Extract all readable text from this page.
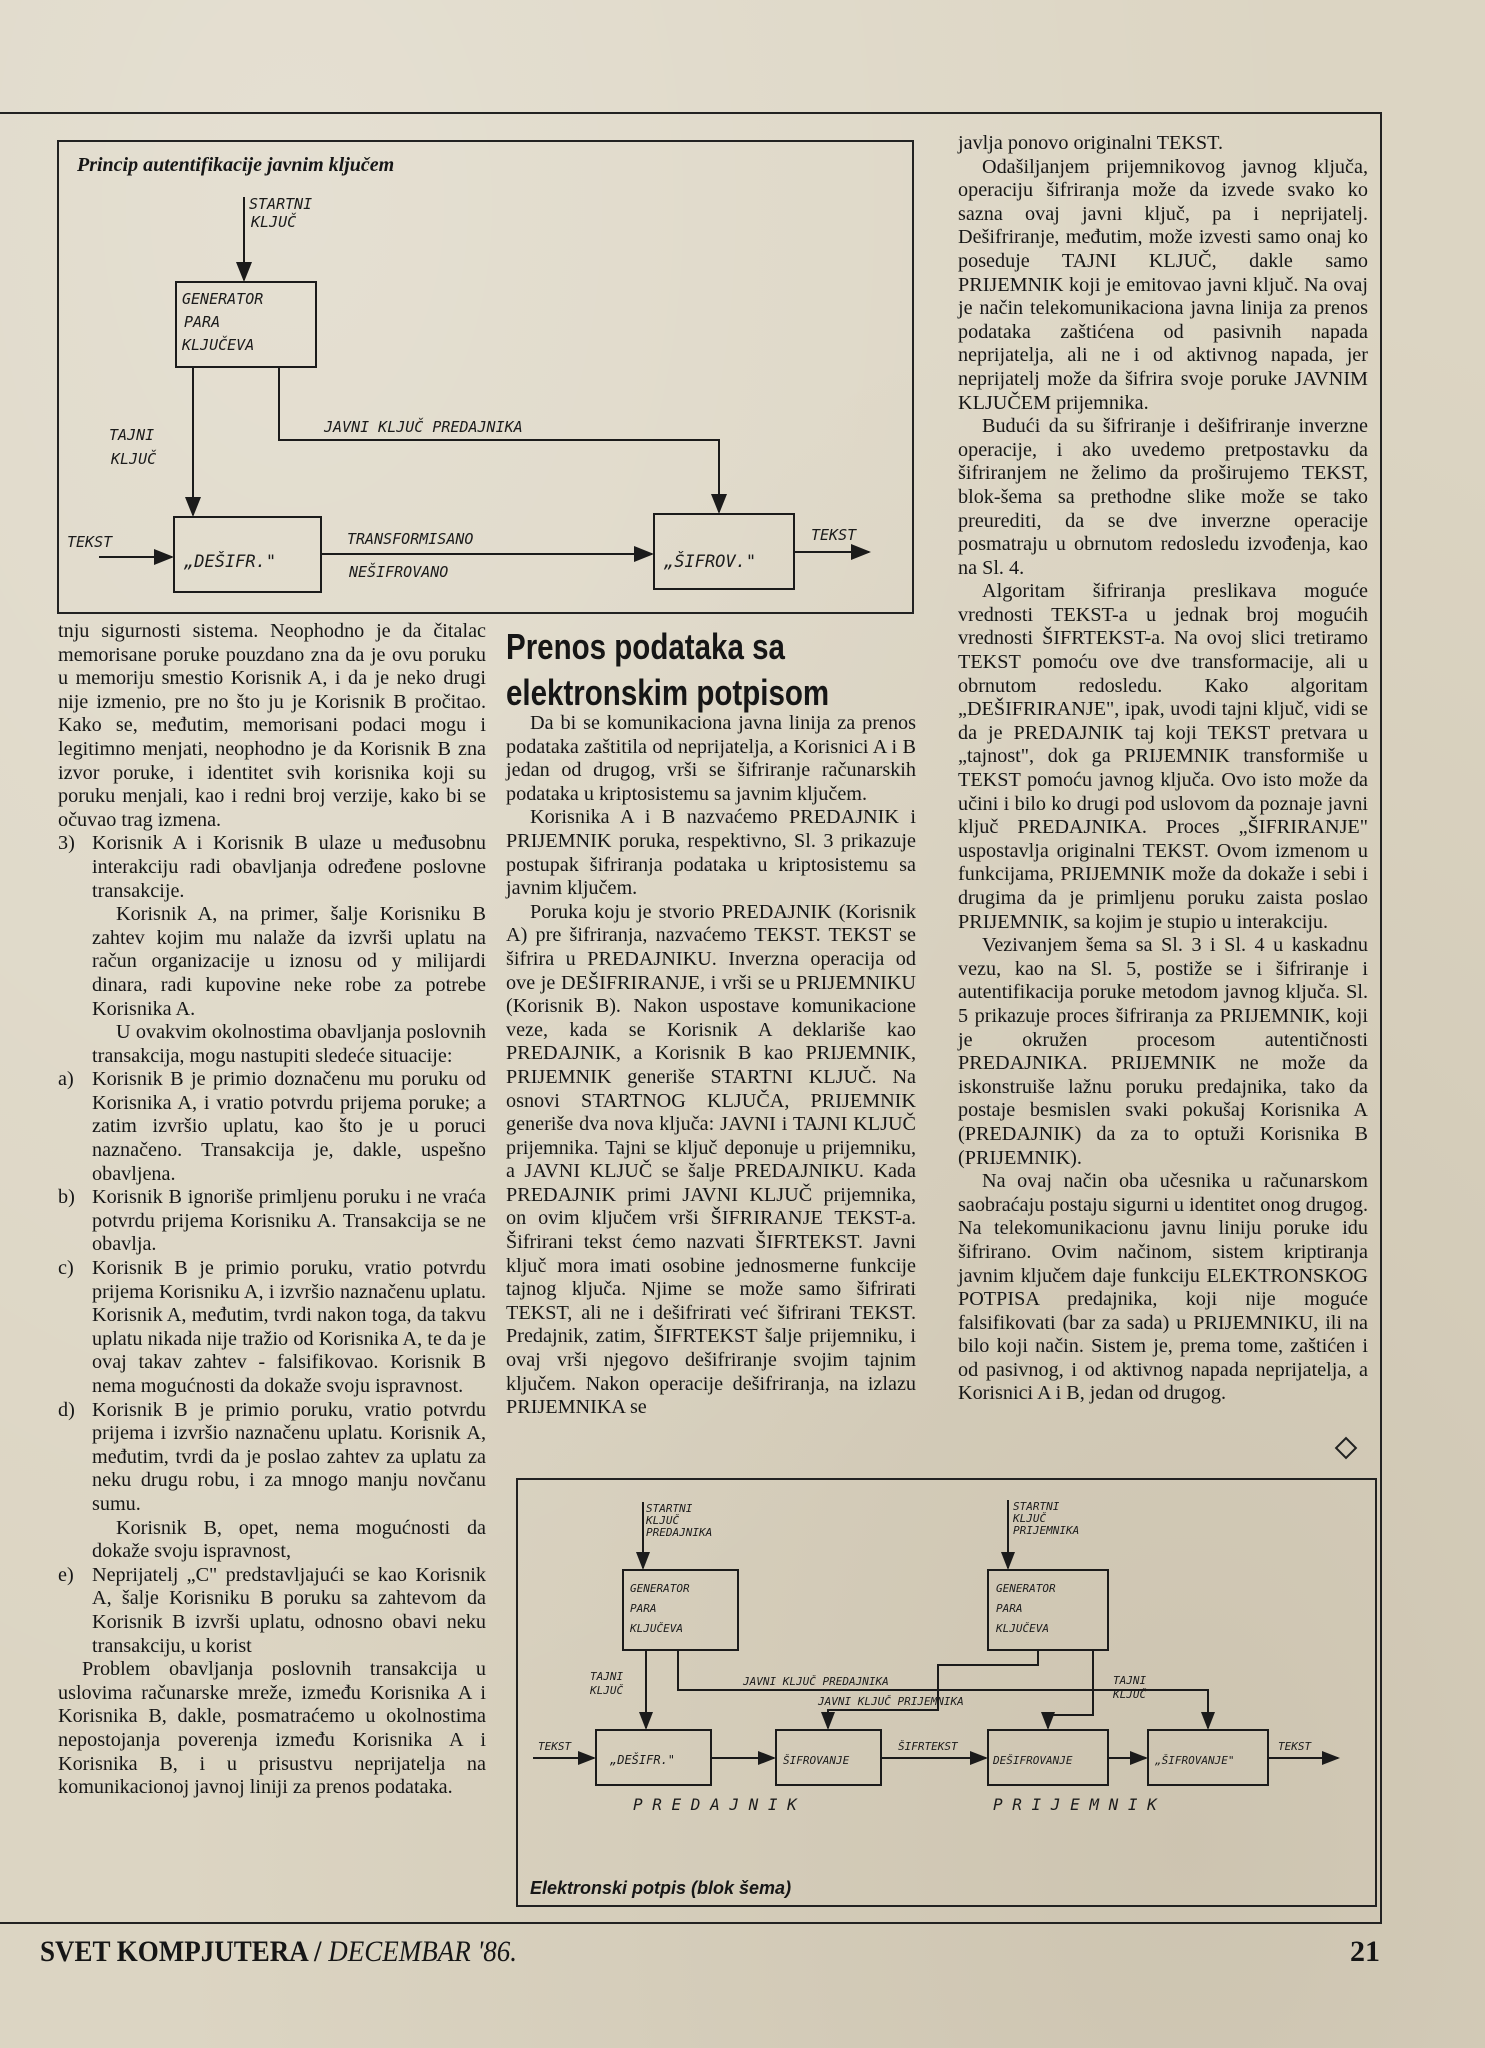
Princip autentifikacije javnim ključem
STARTNI
KLJUČ
GENERATOR
PARA
KLJUČEVA
TAJNI
KLJUČ
JAVNI KLJUČ PREDAJNIKA
TEKST
„DEŠIFR."
TRANSFORMISANO
NEŠIFROVANO	„ŠIFROV."
TEKST
Prenos podataka sa elektronskim potpisom

tnju sigurnosti sistema. Neophodno je da čitalac memorisane poruke pouzdano zna da je ovu poruku u memoriju smestio Korisnik A, i da je neko drugi nije izmenio, pre no što ju je Korisnik B pročitao. Kako se, međutim, memorisani podaci mogu i legitimno menjati, neophodno je da Korisnik B zna izvor poruke, i identitet svih korisnika koji su poruku menjali, kao i redni broj verzije, kako bi se očuvao trag izmena.

3) Korisnik A i Korisnik B ulaze u međusobnu interakciju radi obavljanja određene poslovne transakcije.

Korisnik A, na primer, šalje Korisniku B zahtev kojim mu nalaže da izvrši uplatu na račun organizacije u iznosu od y milijardi dinara, radi kupovine neke robe za potrebe Korisnika A.

U ovakvim okolnostima obavljanja poslovnih transakcija, mogu nastupiti sledeće situacije:

a) Korisnik B je primio doznačenu mu poruku od Korisnika A, i vratio potvrdu prijema poruke; a zatim izvršio uplatu, kao što je u poruci naznačeno. Transakcija je, dakle, uspešno obavljena.
b) Korisnik B ignoriše primljenu poruku i ne vraća potvrdu prijema Korisniku A. Transakcija se ne obavlja.
c) Korisnik B je primio poruku, vratio potvrdu prijema Korisniku A, i izvršio naznačenu uplatu. Korisnik A, međutim, tvrdi nakon toga, da takvu uplatu nikada nije tražio od Korisnika A, te da je ovaj takav zahtev - falsifikovao. Korisnik B nema mogućnosti da dokaže svoju ispravnost.
d) Korisnik B je primio poruku, vratio potvrdu prijema i izvršio naznačenu uplatu. Korisnik A, međutim, tvrdi da je poslao zahtev za uplatu za neku drugu robu, i za mnogo manju novčanu sumu.

Korisnik B, opet, nema mogućnosti da dokaže svoju ispravnost,

e) Neprijatelj „C" predstavljajući se kao Korisnik A, šalje Korisniku B poruku sa zahtevom da Korisnik B izvrši uplatu, odnosno obavi neku transakciju, u korist

Problem obavljanja poslovnih transakcija u uslovima računarske mreže, između Korisnika A i Korisnika B, dakle, posmatraćemo u okolnostima nepostojanja poverenja između Korisnika A i Korisnika B, i u prisustvu neprijatelja na komunikacionoj javnoj liniji za prenos podataka.

Da bi se komunikaciona javna linija za prenos podataka zaštitila od neprijatelja, a Korisnici A i B jedan od drugog, vrši se šifriranje računarskih podataka u kriptosistemu sa javnim ključem.

Korisnika A i B nazvaćemo PREDAJNIK i PRIJEMNIK poruka, respektivno, Sl. 3 prikazuje postupak šifriranja podataka u kriptosistemu sa javnim ključem.

Poruka koju je stvorio PREDAJNIK (Korisnik A) pre šifriranja, nazvaćemo TEKST. TEKST se šifrira u PREDAJNIKU. Inverzna operacija od ove je DEŠIFRIRANJE, i vrši se u PRIJEMNIKU (Korisnik B). Nakon uspostave komunikacione veze, kada se Korisnik A deklariše kao PREDAJNIK, a Korisnik B kao PRIJEMNIK, PRIJEMNIK generiše STARTNI KLJUČ. Na osnovi STARTNOG KLJUČA, PRIJEMNIK generiše dva nova ključa: JAVNI i TAJNI KLJUČ prijemnika. Tajni se ključ deponuje u prijemniku, a JAVNI KLJUČ se šalje PREDAJNIKU. Kada PREDAJNIK primi JAVNI KLJUČ prijemnika, on ovim ključem vrši ŠIFRIRANJE TEKST-a. Šifrirani tekst ćemo nazvati ŠIFRTEKST. Javni ključ mora imati osobine jednosmerne funkcije tajnog ključa. Njime se može samo šifrirati TEKST, ali ne i dešifrirati već šifrirani TEKST. Predajnik, zatim, ŠIFRTEKST šalje prijemniku, i ovaj vrši njegovo dešifriranje svojim tajnim ključem. Nakon operacije dešifriranja, na izlazu PRIJEMNIKA se

javlja ponovo originalni TEKST.

Odašiljanjem prijemnikovog javnog ključa, operaciju šifriranja može da izvede svako ko sazna ovaj javni ključ, pa i neprijatelj. Dešifriranje, međutim, može izvesti samo onaj ko poseduje TAJNI KLJUČ, dakle samo PRIJEMNIK koji je emitovao javni ključ. Na ovaj je način telekomunikaciona javna linija za prenos podataka zaštićena od pasivnih napada neprijatelja, ali ne i od aktivnog napada, jer neprijatelj može da šifrira svoje poruke JAVNIM KLJUČEM prijemnika.

Budući da su šifriranje i dešifriranje inverzne operacije, i ako uvedemo pretpostavku da šifriranjem ne želimo da proširujemo TEKST, blok-šema sa prethodne slike može se tako preurediti, da se dve inverzne operacije posmatraju u obrnutom redosledu izvođenja, kao na Sl. 4.

Algoritam šifriranja preslikava moguće vrednosti TEKST-a u jednak broj mogućih vrednosti ŠIFRTEKST-a. Na ovoj slici tretiramo TEKST pomoću ove dve transformacije, ali u obrnutom redosledu. Kako algoritam „DEŠIFRIRANJE", ipak, uvodi tajni ključ, vidi se da je PREDAJNIK taj koji TEKST pretvara u „tajnost", dok ga PRIJEMNIK transformiše u TEKST pomoću javnog ključa. Ovo isto može da učini i bilo ko drugi pod uslovom da poznaje javni ključ PREDAJNIKA. Proces „ŠIFRIRANJE" uspostavlja originalni TEKST. Ovom izmenom u funkcijama, PRIJEMNIK može da dokaže i sebi i drugima da je primljenu poruku zaista poslao PRIJEMNIK, sa kojim je stupio u interakciju.

Vezivanjem šema sa Sl. 3 i Sl. 4 u kaskadnu vezu, kao na Sl. 5, postiže se i šifriranje i autentifikacija poruke metodom javnog ključa. Sl. 5 prikazuje proces šifriranja za PRIJEMNIK, koji je okružen procesom autentičnosti PREDAJNIKA. PRIJEMNIK ne može da iskonstruiše lažnu poruku predajnika, tako da postaje besmislen svaki pokušaj Korisnika A (PREDAJNIK) da za to optuži Korisnika B (PRIJEMNIK).

Na ovaj način oba učesnika u računarskom saobraćaju postaju sigurni u identitet onog drugog. Na telekomunikacionu javnu liniju poruke idu šifrirano. Ovim načinom, sistem kriptiranja javnim ključem daje funkciju ELEKTRONSKOG POTPISA predajnika, koji nije moguće falsifikovati (bar za sada) u PRIJEMNIKU, ili na bilo koji način. Sistem je, prema tome, zaštićen i od pasivnog, i od aktivnog napada neprijatelja, a Korisnici A i B, jedan od drugog.

STARTNI
KLJUČ
PREDAJNIKA
STARTNI
KLJUČ
PRIJEMNIKA
GENERATOR
PARA
KLJUČEVA
GENERATOR
PARA
KLJUČEVA
TAJNI
KLJUČ
TAJNI
KLJUČ
JAVNI KLJUČ PREDAJNIKA
JAVNI KLJUČ PRIJEMNIKA
TEKST
„DEŠIFR."	ŠIFROVANJE
ŠIFRTEKST
DEŠIFROVANJE	„ŠIFROVANJE"
TEKST
P R E D A J N I K	P R I J E M N I K
Elektronski potpis (blok šema)
SVET KOMPJUTERA / DECEMBAR '86.	21
